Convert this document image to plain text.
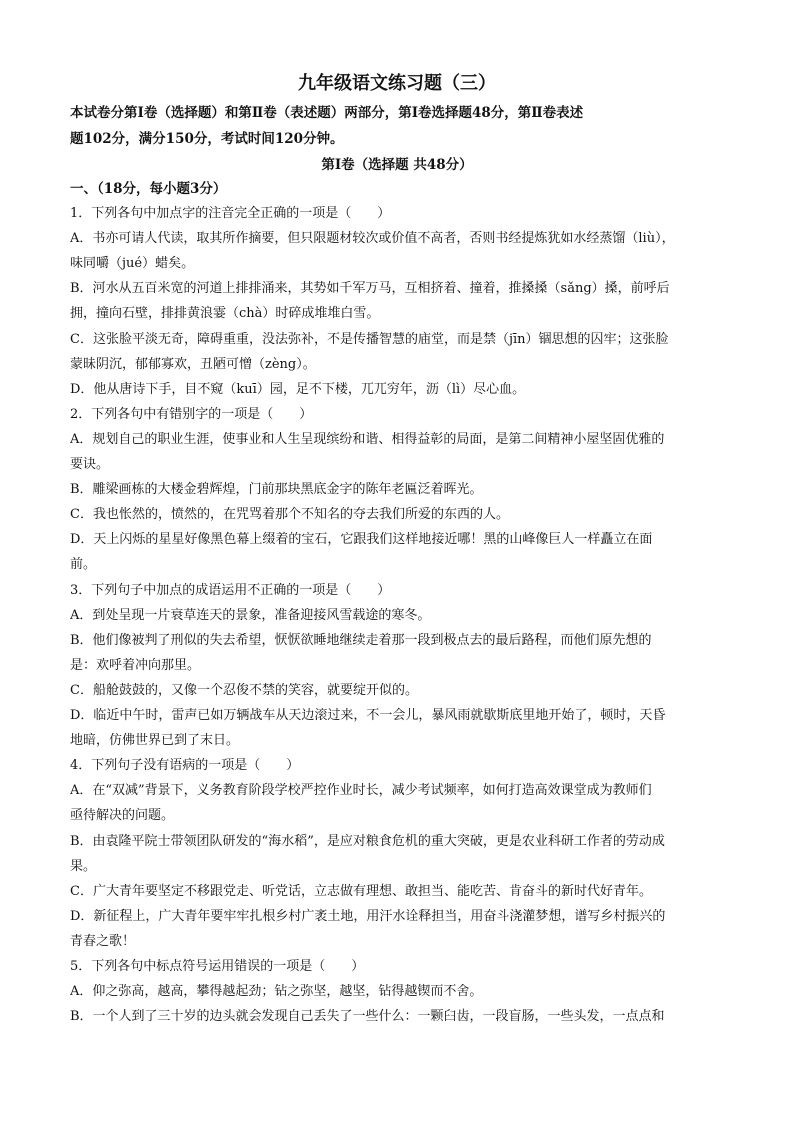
九年级语文练习题（三）
本试卷分第Ⅰ卷（选择题）和第Ⅱ卷（表述题）两部分，第Ⅰ卷选择题48分，第Ⅱ卷表述
题102分，满分150分，考试时间120分钟。
第Ⅰ卷（选择题 共48分）
一、（18分，每小题3分）
1．下列各句中加点字的注音完全正确的一项是（　　）
A．书亦可请人代读，取其所作摘要，但只限题材较次或价值不高者，否则书经提炼犹如水经蒸馏（liù），
味同嚼（jué）蜡矣。
B．河水从五百米宽的河道上排排涌来，其势如千军万马，互相挤着、撞着，推搡搡（sǎng）搡，前呼后
拥，撞向石壁，排排黄浪霎（chà）时碎成堆堆白雪。
C．这张脸平淡无奇，障碍重重，没法弥补，不是传播智慧的庙堂，而是禁（jīn）锢思想的囚牢；这张脸
蒙昧阴沉，郁郁寡欢，丑陋可憎（zèng）。
D．他从唐诗下手，目不窥（kuī）园，足不下楼，兀兀穷年，沥（lì）尽心血。
2．下列各句中有错别字的一项是（　　）
A．规划自己的职业生涯，使事业和人生呈现缤纷和谐、相得益彰的局面，是第二间精神小屋坚固优雅的
要诀。
B．雕梁画栋的大楼金碧辉煌，门前那块黑底金字的陈年老匾泛着晖光。
C．我也怅然的，愤然的，在咒骂着那个不知名的夺去我们所爱的东西的人。
D．天上闪烁的星星好像黑色幕上缀着的宝石，它跟我们这样地接近哪！黑的山峰像巨人一样矗立在面
前。
3．下列句子中加点的成语运用不正确的一项是（　　）
A．到处呈现一片衰草连天的景象，准备迎接风雪载途的寒冬。
B．他们像被判了刑似的失去希望，恹恹欲睡地继续走着那一段到极点去的最后路程，而他们原先想的
是：欢呼着冲向那里。
C．船舱鼓鼓的，又像一个忍俊不禁的笑容，就要绽开似的。
D．临近中午时，雷声已如万辆战车从天边滚过来，不一会儿，暴风雨就歇斯底里地开始了，顿时，天昏
地暗，仿佛世界已到了末日。
4．下列句子没有语病的一项是（　　）
A．在“双减”背景下，义务教育阶段学校严控作业时长，减少考试频率，如何打造高效课堂成为教师们
亟待解决的问题。
B．由袁隆平院士带领团队研发的“海水稻”，是应对粮食危机的重大突破，更是农业科研工作者的劳动成
果。
C．广大青年要坚定不移跟党走、听党话，立志做有理想、敢担当、能吃苦、肯奋斗的新时代好青年。
D．新征程上，广大青年要牢牢扎根乡村广袤土地，用汗水诠释担当，用奋斗浇灌梦想，谱写乡村振兴的
青春之歌！
5．下列各句中标点符号运用错误的一项是（　　）
A．仰之弥高，越高，攀得越起劲；钻之弥坚，越坚，钻得越锲而不舍。
B．一个人到了三十岁的边头就会发现自己丢失了一些什么：一颗臼齿，一段盲肠，一些头发，一点点和
